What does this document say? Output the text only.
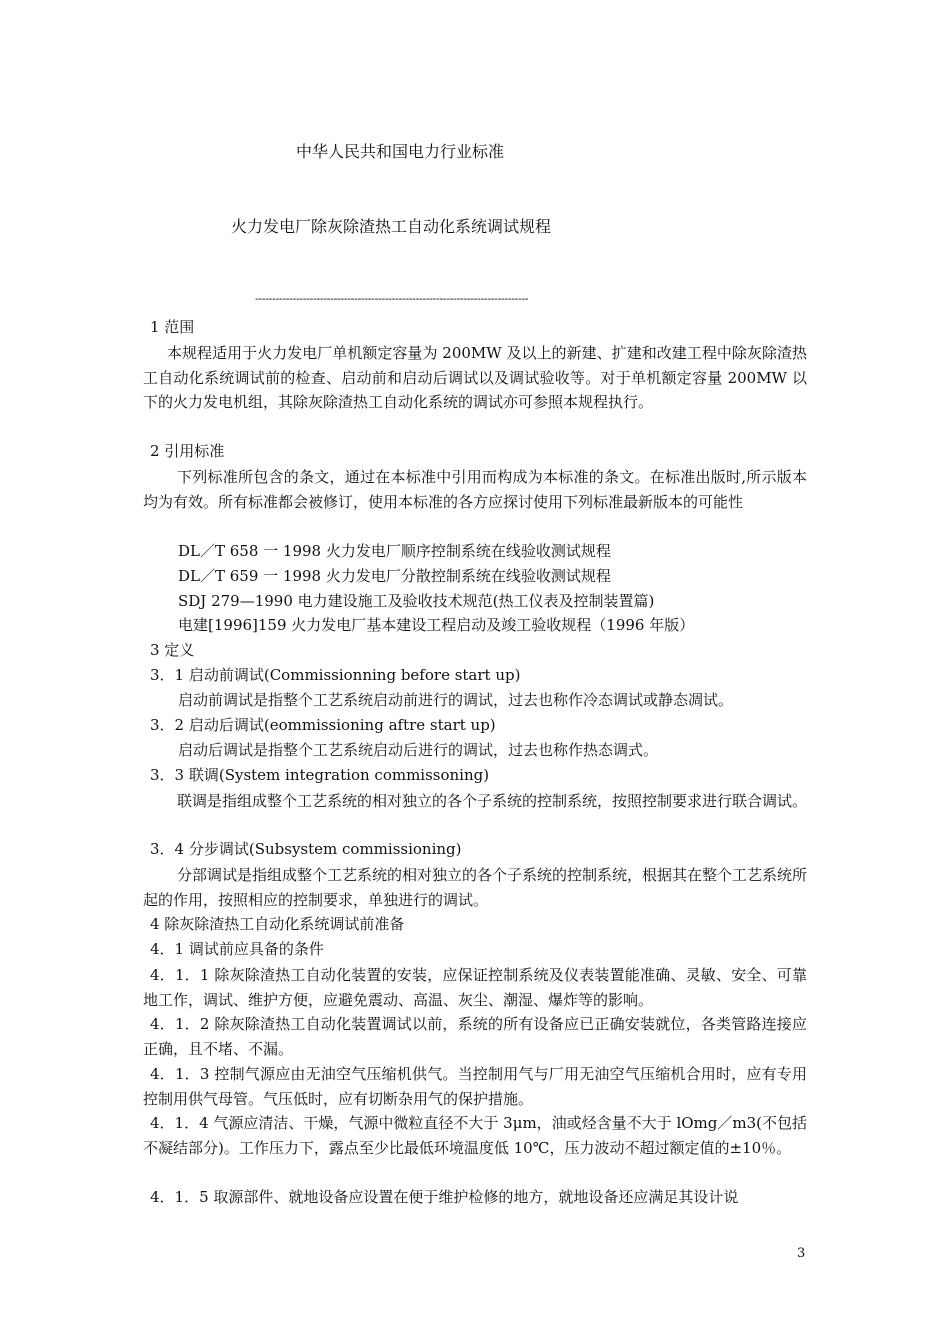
中华人民共和国电力行业标准
火力发电厂除灰除渣热工自动化系统调试规程
--------------------------------------------------------------------------------
1 范围
本规程适用于火力发电厂单机额定容量为 200MW 及以上的新建、扩建和改建工程中除灰除渣热工自动化系统调试前的检查、启动前和启动后调试以及调试验收等。对于单机额定容量 200MW 以下的火力发电机组，其除灰除渣热工自动化系统的调试亦可参照本规程执行。
2 引用标准
下列标准所包含的条文，通过在本标准中引用而构成为本标准的条文。在标准出版时,所示版本均为有效。所有标准都会被修订，使用本标准的各方应探讨使用下列标准最新版本的可能性
DL／T 658 一 1998 火力发电厂顺序控制系统在线验收测试规程
DL／T 659 一 1998 火力发电厂分散控制系统在线验收测试规程
SDJ 279—1990 电力建设施工及验收技术规范(热工仪表及控制装置篇)
电建[1996]159 火力发电厂基本建设工程启动及竣工验收规程（1996 年版）
3 定义
3．1 启动前调试(Commissionning before start up)
启动前调试是指整个工艺系统启动前进行的调试，过去也称作冷态调试或静态凋试。
3．2 启动后调试(eommissioning aftre start up)
启动后调试是指整个工艺系统启动后进行的调试，过去也称作热态调式。
3．3 联调(System integration commissoning)
联调是指组成整个工艺系统的相对独立的各个子系统的控制系统，按照控制要求进行联合调试。
3．4 分步调试(Subsystem commissioning)
分部调试是指组成整个工艺系统的相对独立的各个子系统的控制系统，根据其在整个工艺系统所起的作用，按照相应的控制要求，单独进行的调试。
4 除灰除渣热工自动化系统调试前准备
4．1 调试前应具备的条件
4．1．1 除灰除渣热工自动化装置的安装，应保证控制系统及仪表装置能准确、灵敏、安全、可靠地工作，调试、维护方便，应避免震动、高温、灰尘、潮湿、爆炸等的影响。
4．1．2 除灰除渣热工自动化装置调试以前，系统的所有设备应已正确安装就位，各类管路连接应正确，且不堵、不漏。
4．1．3 控制气源应由无油空气压缩机供气。当控制用气与厂用无油空气压缩机合用时，应有专用控制用供气母管。气压低时，应有切断杂用气的保护措施。
4．1．4 气源应清洁、干燥，气源中微粒直径不大于 3μm，油或烃含量不大于 lOmg／m3(不包括不凝结部分)。工作压力下，露点至少比最低环境温度低 10℃，压力波动不超过额定值的±10％。
4．1．5 取源部件、就地设备应设置在便于维护检修的地方，就地设备还应满足其设计说
3
